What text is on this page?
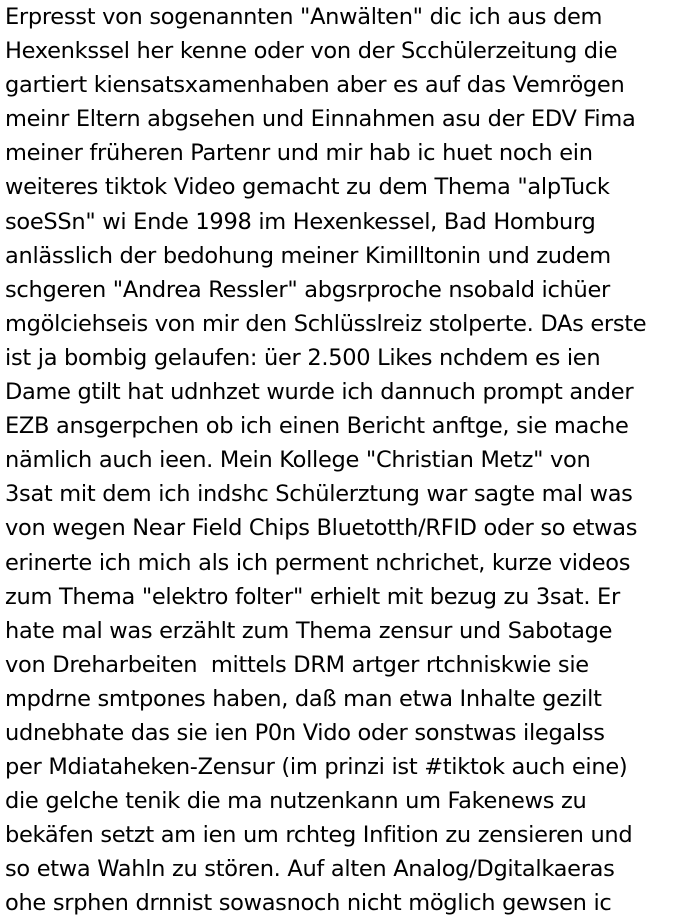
Erpresst von sogenannten "Anwälten" dic ich aus dem
Hexenkssel her kenne oder von der Scchülerzeitung die
gartiert kiensatsxamenhaben aber es auf das Vemrögen
meinr Eltern abgsehen und Einnahmen asu der EDV Fima
meiner früheren Partenr und mir hab ic huet noch ein
weiteres tiktok Video gemacht zu dem Thema "alpTuck
soeSSn" wi Ende 1998 im Hexenkessel, Bad Homburg
anlässlich der bedohung meiner Kimilltonin und zudem
schgeren "Andrea Ressler" abgsrproche nsobald ichüer
mgölciehseis von mir den Schlüsslreiz stolperte. DAs erste
ist ja bombig gelaufen: üer 2.500 Likes nchdem es ien
Dame gtilt hat udnhzet wurde ich dannuch prompt ander
EZB ansgerpchen ob ich einen Bericht anftge, sie mache
nämlich auch ieen. Mein Kollege "Christian Metz" von
3sat mit dem ich indshc Schülerztung war sagte mal was
von wegen Near Field Chips Bluetotth/RFID oder so etwas
erinerte ich mich als ich perment nchrichet, kurze videos
zum Thema "elektro folter" erhielt mit bezug zu 3sat. Er
hate mal was erzählt zum Thema zensur und Sabotage
von Dreharbeiten  mittels DRM artger rtchniskwie sie
mpdrne smtpones haben, daß man etwa Inhalte gezilt
udnebhate das sie ien P0n Vido oder sonstwas ilegalss
per Mdiataheken-Zensur (im prinzi ist #tiktok auch eine)
die gelche tenik die ma nutzenkann um Fakenews zu
bekäfen setzt am ien um rchteg Infition zu zensieren und
so etwa Wahln zu stören. Auf alten Analog/Dgitalkaeras
ohe srphen drnnist sowasnoch nicht möglich gewsen ic
